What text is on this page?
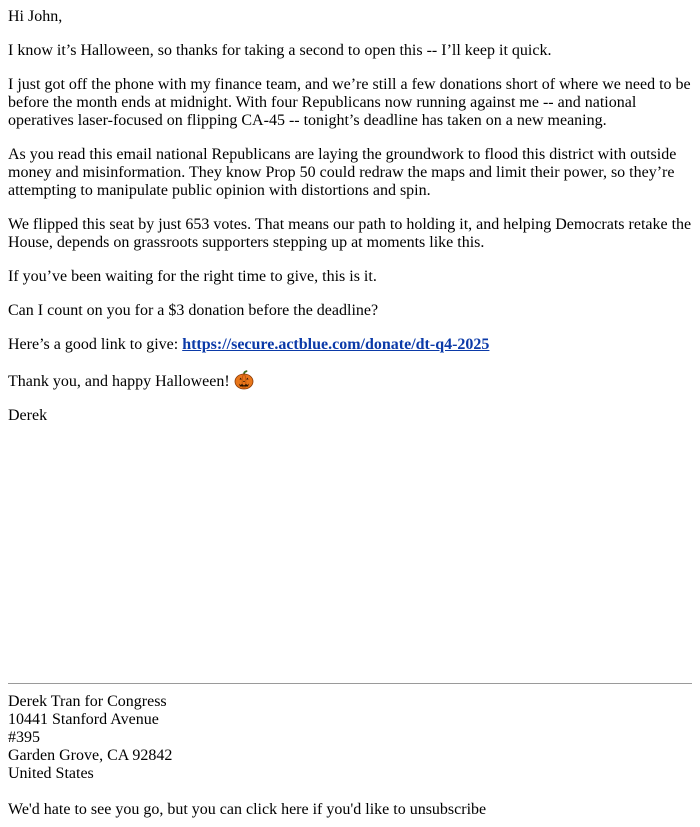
Hi John,

I know it’s Halloween, so thanks for taking a second to open this -- I’ll keep it quick.

I just got off the phone with my finance team, and we’re still a few donations short of where we need to be before the month ends at midnight. With four Republicans now running against me -- and national operatives laser-focused on flipping CA-45 -- tonight’s deadline has taken on a new meaning.

As you read this email national Republicans are laying the groundwork to flood this district with outside money and misinformation. They know Prop 50 could redraw the maps and limit their power, so they’re attempting to manipulate public opinion with distortions and spin.

We flipped this seat by just 653 votes. That means our path to holding it, and helping Democrats retake the House, depends on grassroots supporters stepping up at moments like this.

If you’ve been waiting for the right time to give, this is it.

Can I count on you for a $3 donation before the deadline?

Here’s a good link to give: https://secure.actblue.com/donate/dt-q4-2025

Thank you, and happy Halloween!

Derek

Derek Tran for Congress
10441 Stanford Avenue
#395
Garden Grove, CA 92842
United States
We'd hate to see you go, but you can click here if you'd like to unsubscribe
